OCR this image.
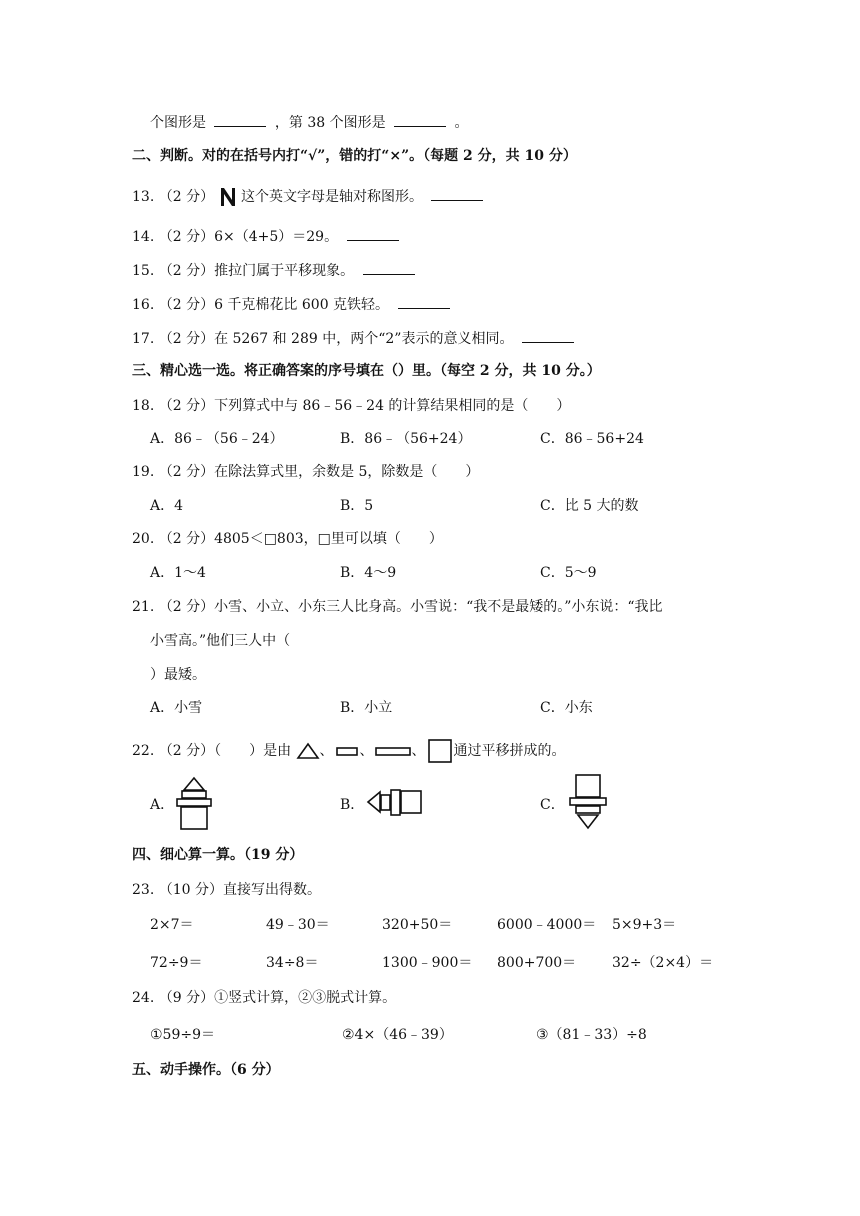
个图形是	，第 38 个图形是	。
二、判断。对的在括号内打“√”，错的打“×”。（每题 2 分，共 10 分）
13. （2 分） 这个英文字母是轴对称图形。
14. （2 分）6×（4+5）＝29。
15. （2 分）推拉门属于平移现象。
16. （2 分）6 千克棉花比 600 克铁轻。
17. （2 分）在 5267 和 289 中，两个“2”表示的意义相同。
三、精心选一选。将正确答案的序号填在（）里。（每空 2 分，共 10 分。）
18. （2 分）下列算式中与 86﹣56﹣24 的计算结果相同的是（　　）
A．86﹣（56﹣24）	B．86﹣（56+24）	C．86﹣56+24
19. （2 分）在除法算式里，余数是 5，除数是（　　）
A．4	B．5	C．比 5 大的数
20. （2 分）4805＜□803，□里可以填（　　）
A．1～4	B．4～9	C．5～9
21. （2 分）小雪、小立、小东三人比身高。小雪说：“我不是最矮的。”小东说：“我比
小雪高。”他们三人中（
）最矮。
A．小雪	B．小立	C．小东
22. （2 分）（　　）是由 、 、	、 通过平移拼成的。
A．	B．	C．
四、细心算一算。（19 分）
23. （10 分）直接写出得数。
2×7＝	49﹣30＝	320+50＝	6000﹣4000＝ 5×9+3＝
72÷9＝	34÷8＝	1300﹣900＝ 800+700＝	32÷（2×4）＝
24. （9 分）①竖式计算，②③脱式计算。
①59÷9＝	②4×（46﹣39）	③（81﹣33）÷8
五、动手操作。（6 分）
